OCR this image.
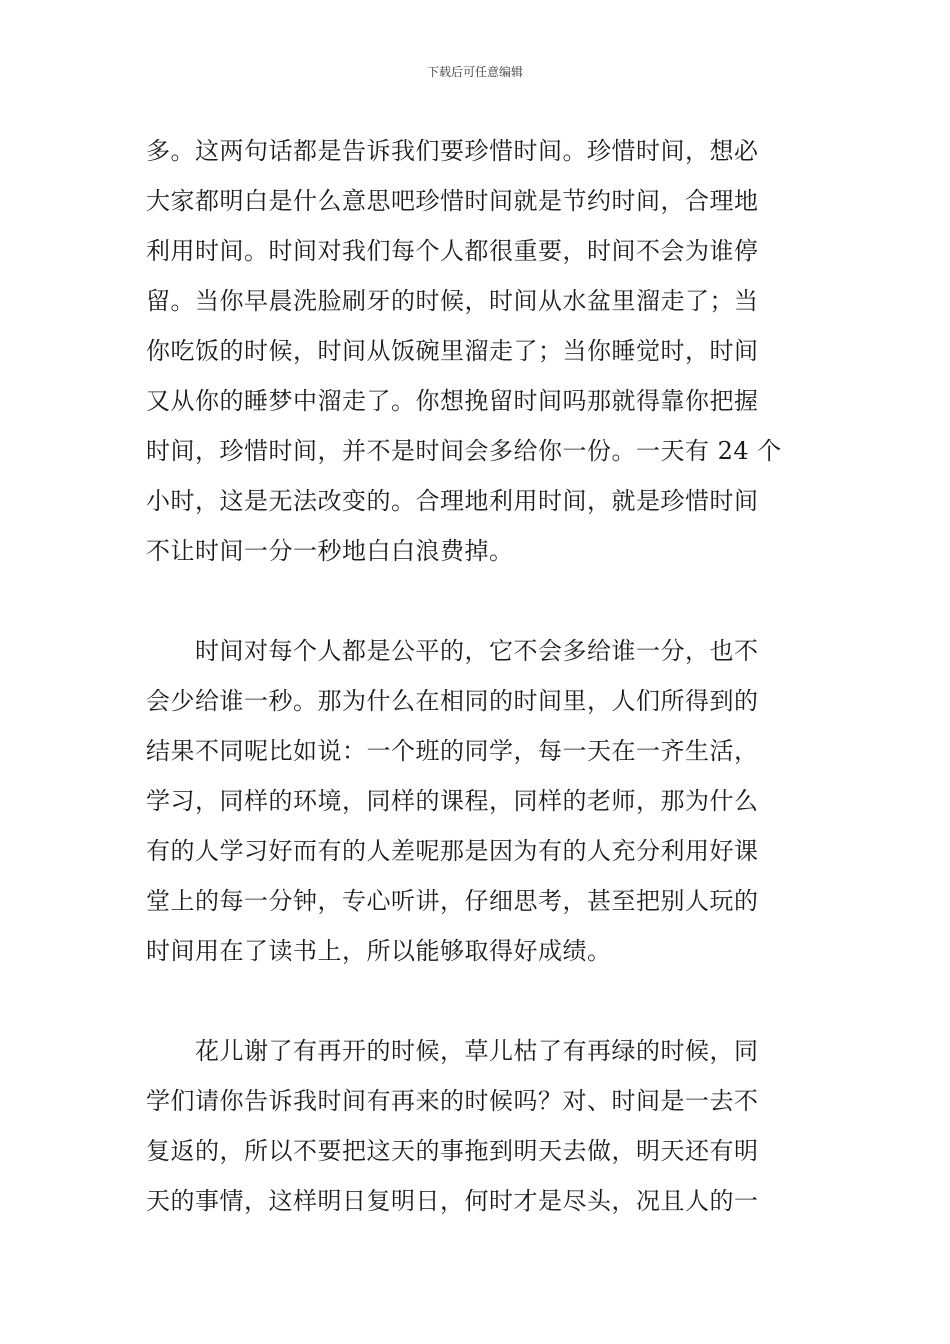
下载后可任意编辑
多。这两句话都是告诉我们要珍惜时间。珍惜时间，想必
大家都明白是什么意思吧珍惜时间就是节约时间，合理地
利用时间。时间对我们每个人都很重要，时间不会为谁停
留。当你早晨洗脸刷牙的时候，时间从水盆里溜走了；当
你吃饭的时候，时间从饭碗里溜走了；当你睡觉时，时间
又从你的睡梦中溜走了。你想挽留时间吗那就得靠你把握
时间，珍惜时间，并不是时间会多给你一份。一天有 24 个
小时，这是无法改变的。合理地利用时间，就是珍惜时间
不让时间一分一秒地白白浪费掉。
　　时间对每个人都是公平的，它不会多给谁一分，也不
会少给谁一秒。那为什么在相同的时间里，人们所得到的
结果不同呢比如说：一个班的同学，每一天在一齐生活，
学习，同样的环境，同样的课程，同样的老师，那为什么
有的人学习好而有的人差呢那是因为有的人充分利用好课
堂上的每一分钟，专心听讲，仔细思考，甚至把别人玩的
时间用在了读书上，所以能够取得好成绩。
　　花儿谢了有再开的时候，草儿枯了有再绿的时候，同
学们请你告诉我时间有再来的时候吗？对、时间是一去不
复返的，所以不要把这天的事拖到明天去做，明天还有明
天的事情，这样明日复明日，何时才是尽头，况且人的一
